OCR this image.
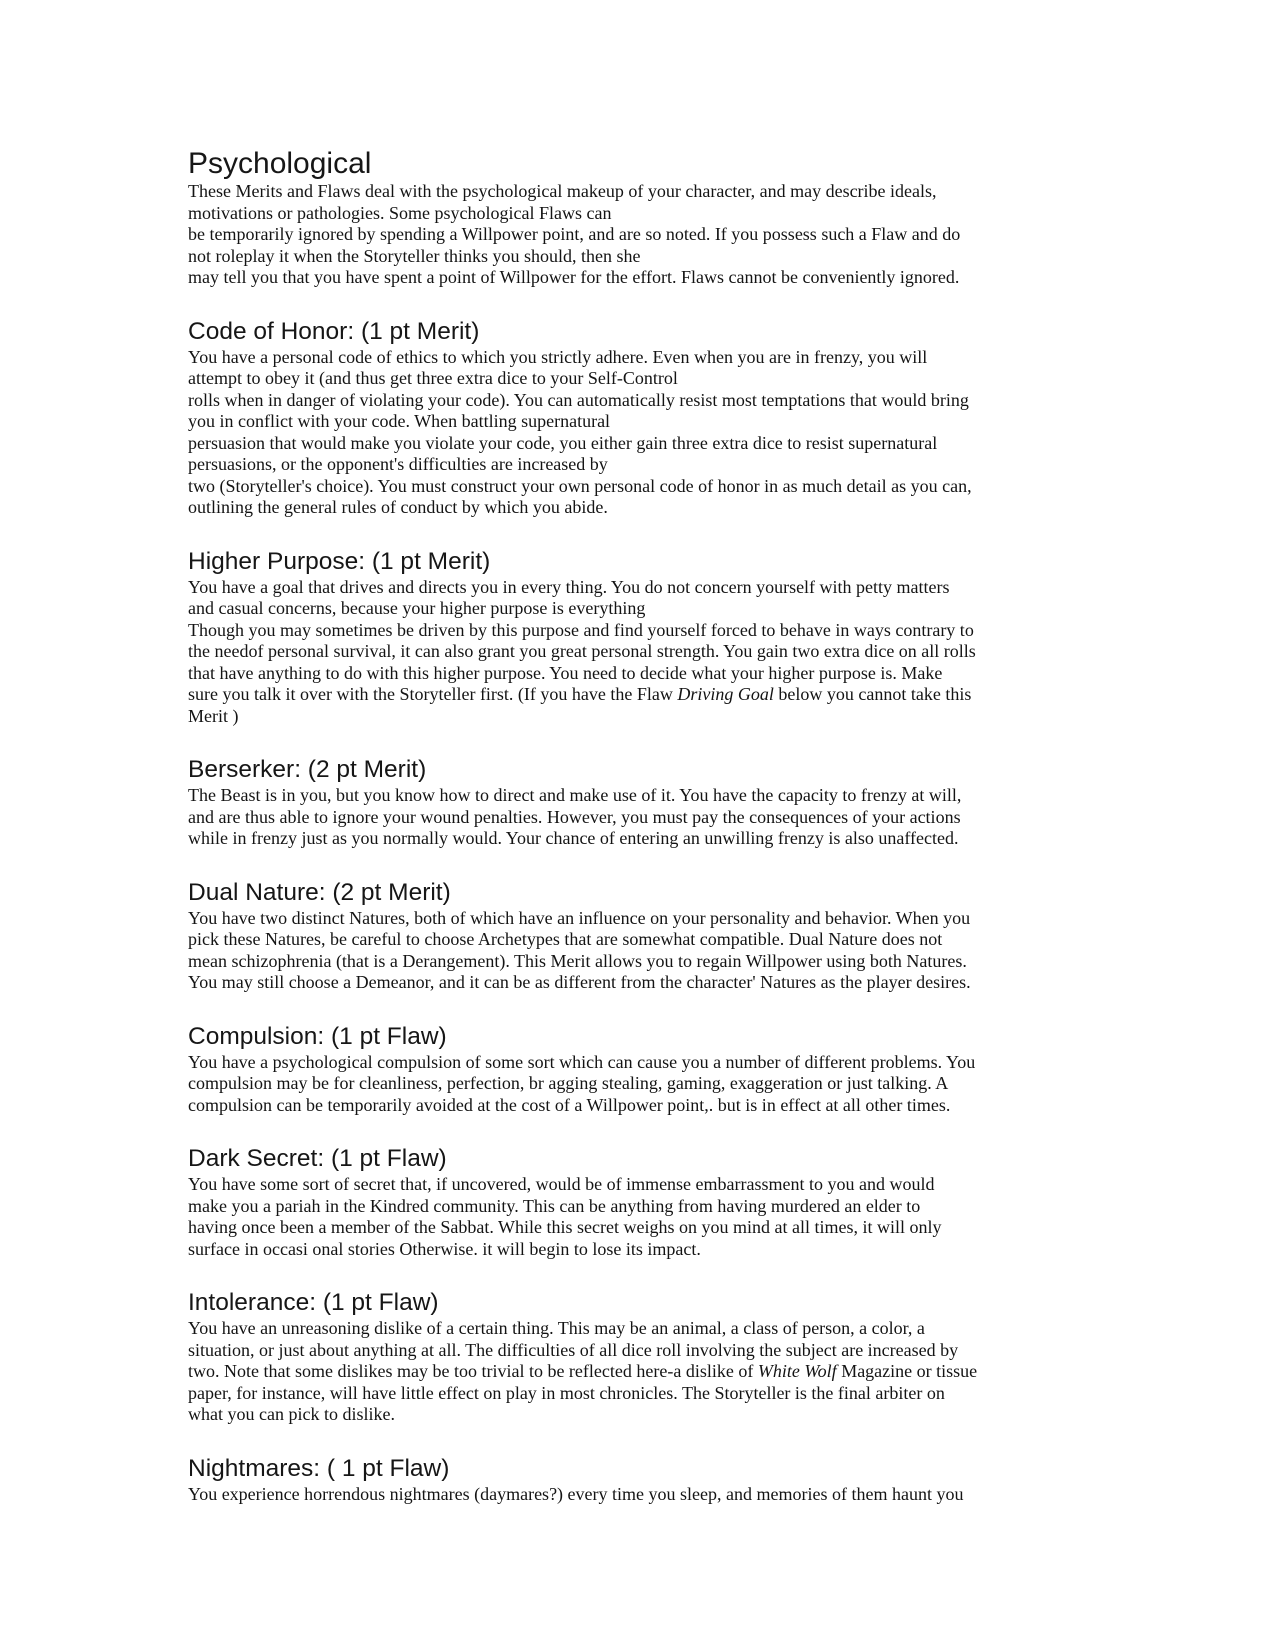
Psychological
These Merits and Flaws deal with the psychological makeup of your character, and may describe ideals,
motivations or pathologies. Some psychological Flaws can
be temporarily ignored by spending a Willpower point, and are so noted. If you possess such a Flaw and do
not roleplay it when the Storyteller thinks you should, then she
may tell you that you have spent a point of Willpower for the effort. Flaws cannot be conveniently ignored.
Code of Honor: (1 pt Merit)
You have a personal code of ethics to which you strictly adhere. Even when you are in frenzy, you will
attempt to obey it (and thus get three extra dice to your Self-Control
rolls when in danger of violating your code). You can automatically resist most temptations that would bring
you in conflict with your code. When battling supernatural
persuasion that would make you violate your code, you either gain three extra dice to resist supernatural
persuasions, or the opponent's difficulties are increased by
two (Storyteller's choice). You must construct your own personal code of honor in as much detail as you can,
outlining the general rules of conduct by which you abide.
Higher Purpose: (1 pt Merit)
You have a goal that drives and directs you in every thing. You do not concern yourself with petty matters
and casual concerns, because your higher purpose is everything
Though you may sometimes be driven by this purpose and find yourself forced to behave in ways contrary to
the needof personal survival, it can also grant you great personal strength. You gain two extra dice on all rolls
that have anything to do with this higher purpose. You need to decide what your higher purpose is. Make
sure you talk it over with the Storyteller first. (If you have the Flaw Driving Goal below you cannot take this
Merit )
Berserker: (2 pt Merit)
The Beast is in you, but you know how to direct and make use of it. You have the capacity to frenzy at will,
and are thus able to ignore your wound penalties. However, you must pay the consequences of your actions
while in frenzy just as you normally would. Your chance of entering an unwilling frenzy is also unaffected.
Dual Nature: (2 pt Merit)
You have two distinct Natures, both of which have an influence on your personality and behavior. When you
pick these Natures, be careful to choose Archetypes that are somewhat compatible. Dual Nature does not
mean schizophrenia (that is a Derangement). This Merit allows you to regain Willpower using both Natures.
You may still choose a Demeanor, and it can be as different from the character' Natures as the player desires.
Compulsion: (1 pt Flaw)
You have a psychological compulsion of some sort which can cause you a number of different problems. You
compulsion may be for cleanliness, perfection, br agging stealing, gaming, exaggeration or just talking. A
compulsion can be temporarily avoided at the cost of a Willpower point,. but is in effect at all other times.
Dark Secret: (1 pt Flaw)
You have some sort of secret that, if uncovered, would be of immense embarrassment to you and would
make you a pariah in the Kindred community. This can be anything from having murdered an elder to
having once been a member of the Sabbat. While this secret weighs on you mind at all times, it will only
surface in occasi onal stories Otherwise. it will begin to lose its impact.
Intolerance: (1 pt Flaw)
You have an unreasoning dislike of a certain thing. This may be an animal, a class of person, a color, a
situation, or just about anything at all. The difficulties of all dice roll involving the subject are increased by
two. Note that some dislikes may be too trivial to be reflected here-a dislike of White Wolf Magazine or tissue
paper, for instance, will have little effect on play in most chronicles. The Storyteller is the final arbiter on
what you can pick to dislike.
Nightmares: ( 1 pt Flaw)
You experience horrendous nightmares (daymares?) every time you sleep, and memories of them haunt you
